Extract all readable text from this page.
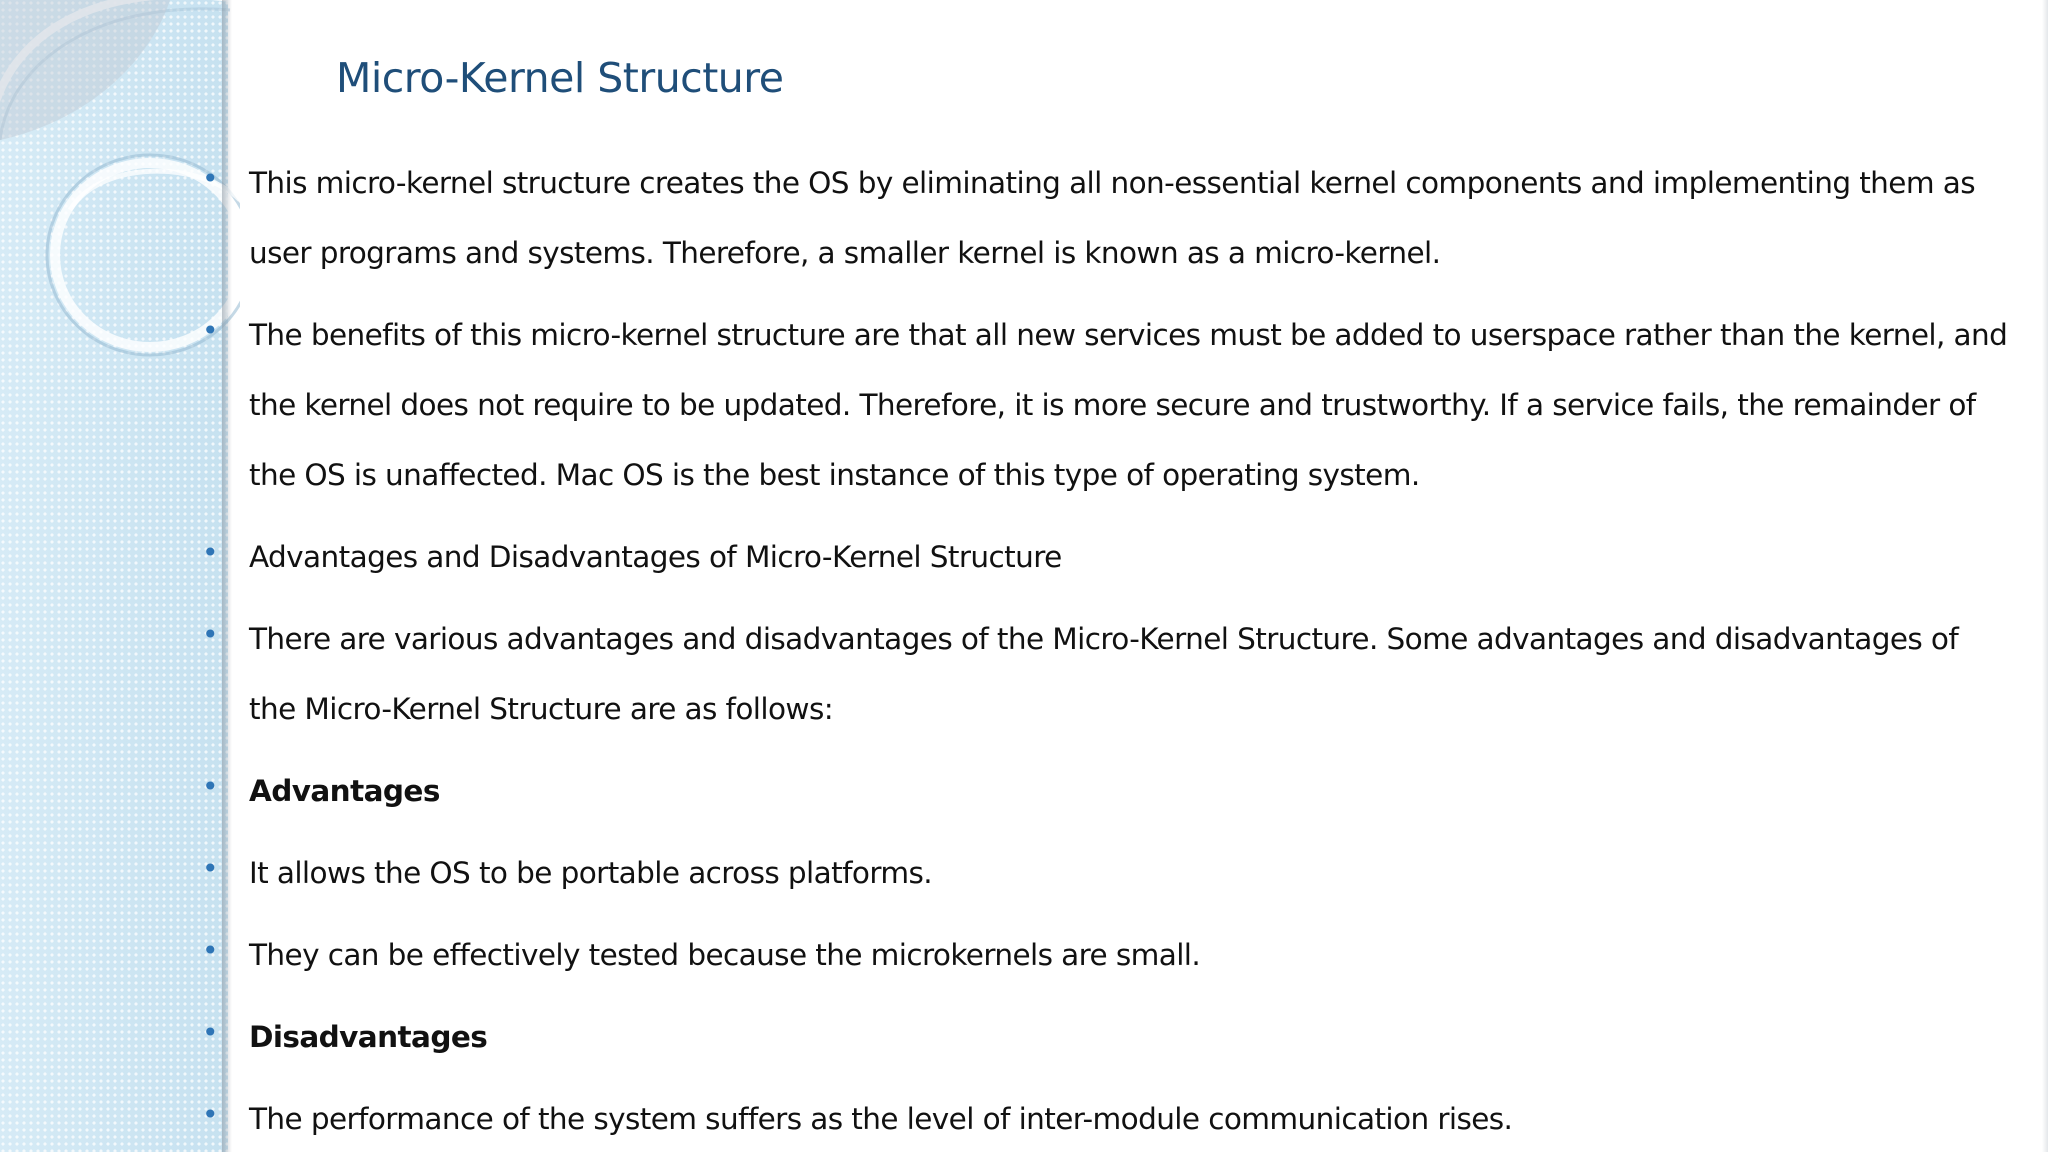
Micro-Kernel Structure
• This micro-kernel structure creates the OS by eliminating all non-essential kernel components and implementing them as user programs and systems. Therefore, a smaller kernel is known as a micro-kernel.
• The benefits of this micro-kernel structure are that all new services must be added to userspace rather than the kernel, and the kernel does not require to be updated. Therefore, it is more secure and trustworthy. If a service fails, the remainder of the OS is unaffected. Mac OS is the best instance of this type of operating system.
• Advantages and Disadvantages of Micro-Kernel Structure
• There are various advantages and disadvantages of the Micro-Kernel Structure. Some advantages and disadvantages of the Micro-Kernel Structure are as follows:
• Advantages
• It allows the OS to be portable across platforms.
• They can be effectively tested because the microkernels are small.
• Disadvantages
• The performance of the system suffers as the level of inter-module communication rises.
